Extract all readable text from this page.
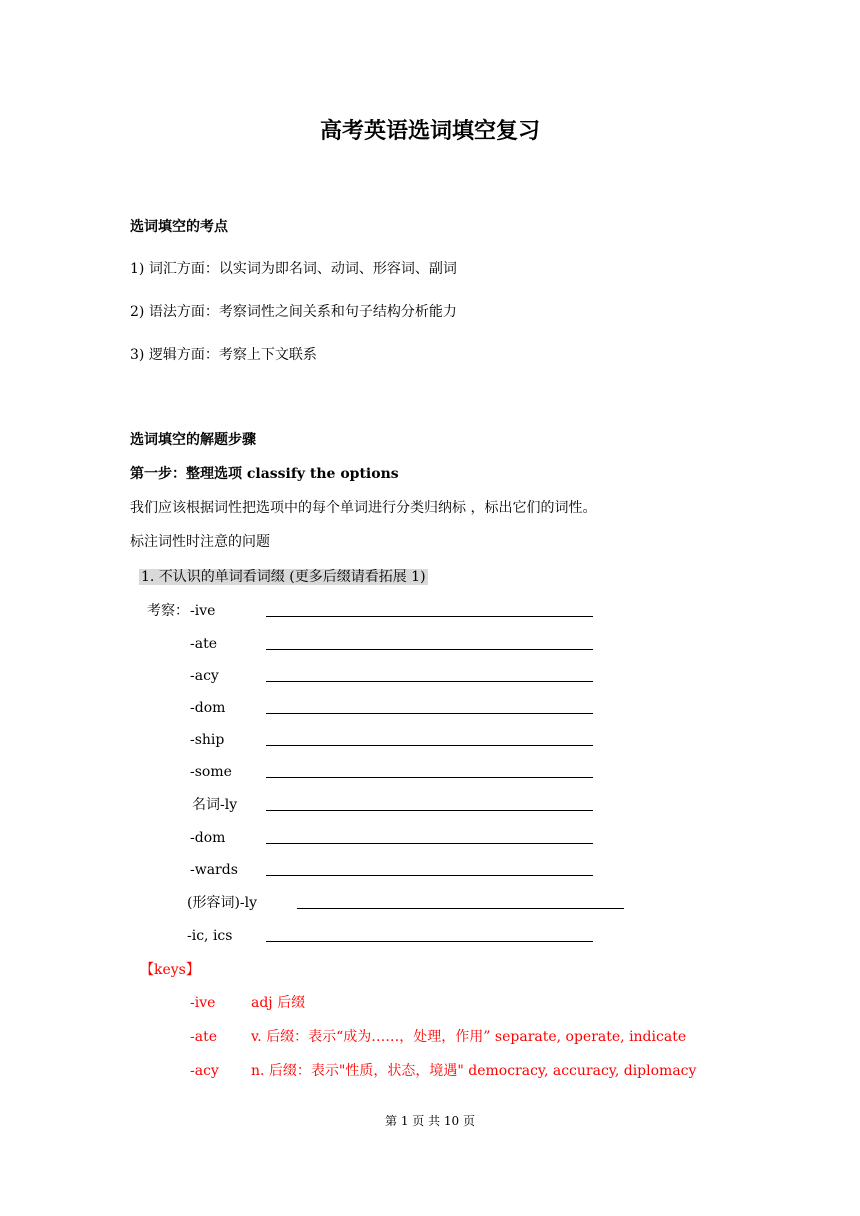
高考英语选词填空复习
选词填空的考点
1) 词汇方面：以实词为即名词、动词、形容词、副词
2) 语法方面：考察词性之间关系和句子结构分析能力
3) 逻辑方面：考察上下文联系
选词填空的解题步骤
第一步：整理选项 classify the options
我们应该根据词性把选项中的每个单词进行分类归纳标 ，标出它们的词性。
标注词性时注意的问题
1. 不认识的单词看词缀 (更多后缀请看拓展 1)
考察： -ive
-ate
-acy
-dom
-ship
-some
名词-ly
-dom
-wards
(形容词)-ly
-ic, ics
【keys】
-ive	adj 后缀
-ate v. 后缀：表示“成为……，处理，作用” separate, operate, indicate
-acy n. 后缀：表示"性质，状态，境遇" democracy, accuracy, diplomacy
第 1 页 共 10 页
